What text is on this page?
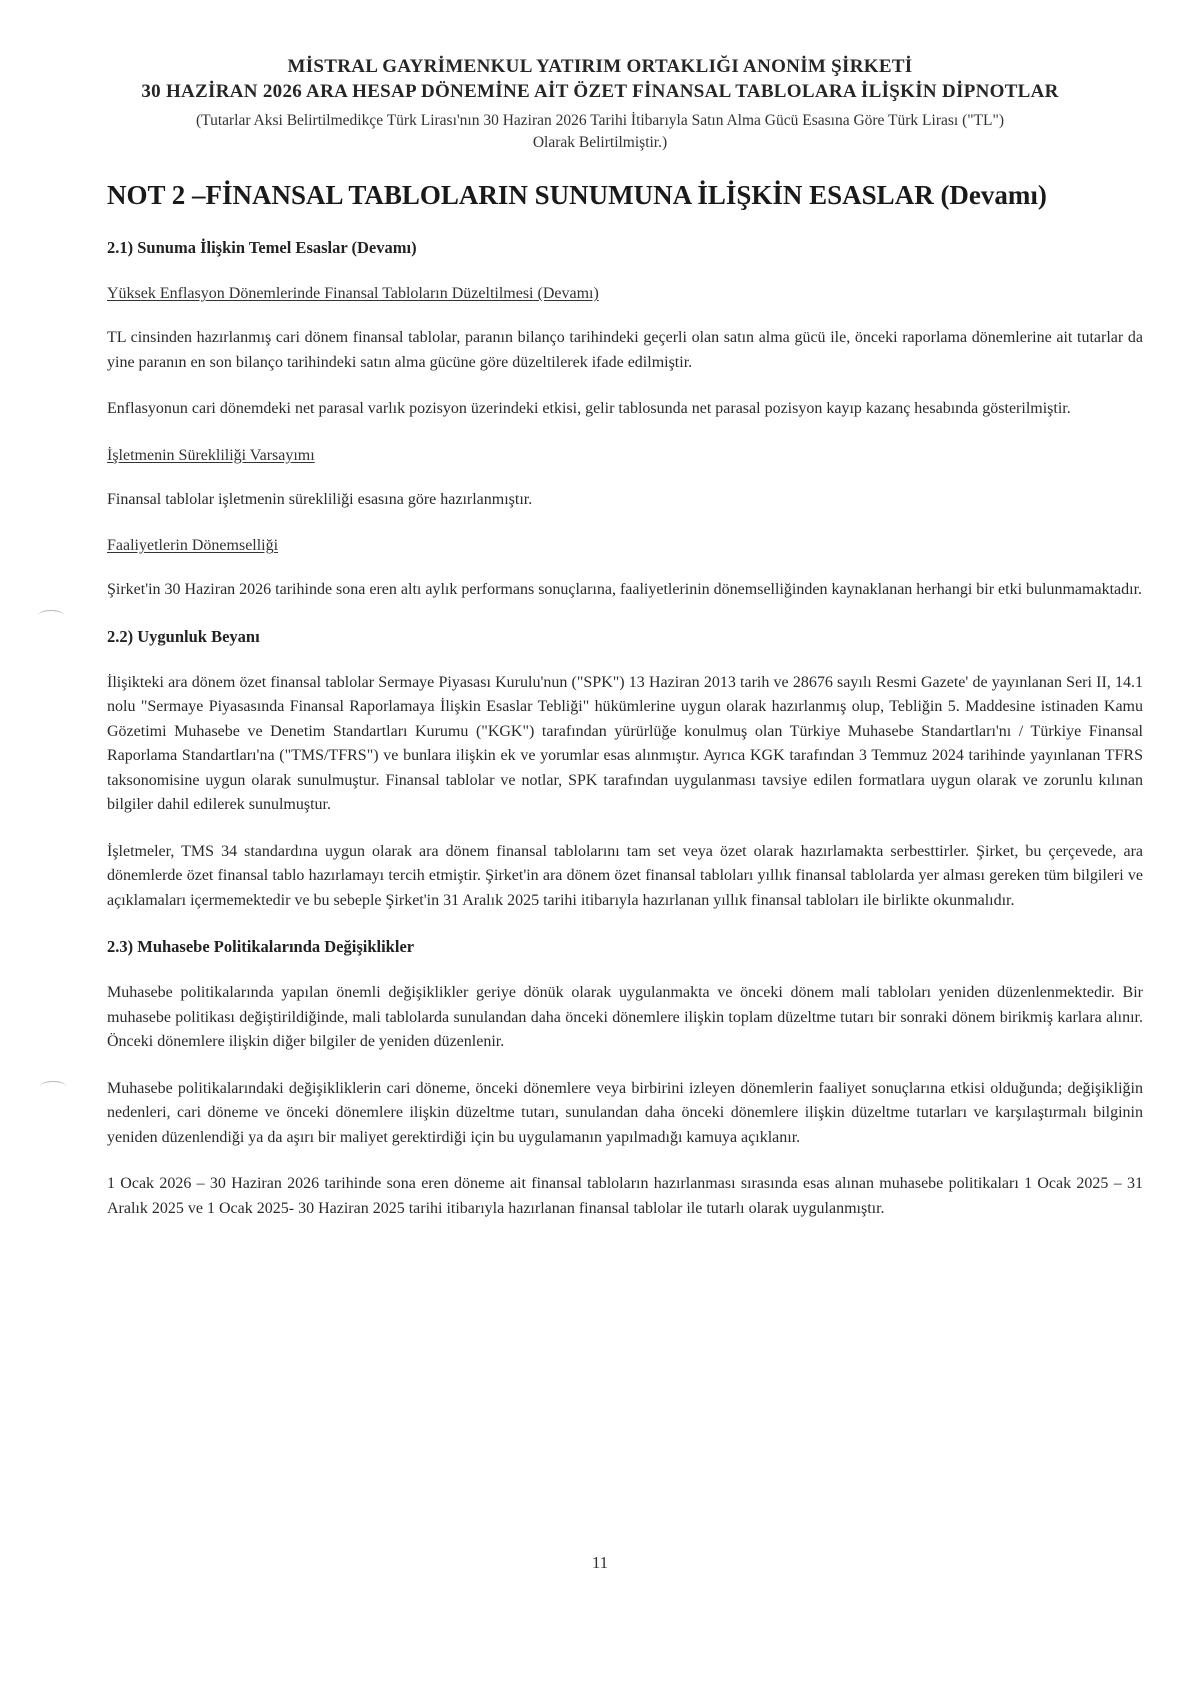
MİSTRAL GAYRİMENKUL YATIRIM ORTAKLIĞI ANONİM ŞİRKETİ
30 HAZİRAN 2026 ARA HESAP DÖNEMİNE AİT ÖZET FİNANSAL TABLOLARA İLİŞKİN DİPNOTLAR
(Tutarlar Aksi Belirtilmedikçe Türk Lirası'nın 30 Haziran 2026 Tarihi İtibarıyla Satın Alma Gücü Esasına Göre Türk Lirası ("TL")
Olarak Belirtilmiştir.)
NOT 2 –FİNANSAL TABLOLARIN SUNUMUNA İLİŞKİN ESASLAR (Devamı)
2.1) Sunuma İlişkin Temel Esaslar (Devamı)
Yüksek Enflasyon Dönemlerinde Finansal Tabloların Düzeltilmesi (Devamı)

TL cinsinden hazırlanmış cari dönem finansal tablolar, paranın bilanço tarihindeki geçerli olan satın alma gücü ile, önceki raporlama dönemlerine ait tutarlar da yine paranın en son bilanço tarihindeki satın alma gücüne göre düzeltilerek ifade edilmiştir.

Enflasyonun cari dönemdeki net parasal varlık pozisyon üzerindeki etkisi, gelir tablosunda net parasal pozisyon kayıp kazanç hesabında gösterilmiştir.

İşletmenin Sürekliliği Varsayımı

Finansal tablolar işletmenin sürekliliği esasına göre hazırlanmıştır.

Faaliyetlerin Dönemselliği

Şirket'in 30 Haziran 2026 tarihinde sona eren altı aylık performans sonuçlarına, faaliyetlerinin dönemselliğinden kaynaklanan herhangi bir etki bulunmamaktadır.

2.2) Uygunluk Beyanı

İlişikteki ara dönem özet finansal tablolar Sermaye Piyasası Kurulu'nun ("SPK") 13 Haziran 2013 tarih ve 28676 sayılı Resmi Gazete' de yayınlanan Seri II, 14.1 nolu "Sermaye Piyasasında Finansal Raporlamaya İlişkin Esaslar Tebliği" hükümlerine uygun olarak hazırlanmış olup, Tebliğin 5. Maddesine istinaden Kamu Gözetimi Muhasebe ve Denetim Standartları Kurumu ("KGK") tarafından yürürlüğe konulmuş olan Türkiye Muhasebe Standartları'nı / Türkiye Finansal Raporlama Standartları'na ("TMS/TFRS") ve bunlara ilişkin ek ve yorumlar esas alınmıştır. Ayrıca KGK tarafından 3 Temmuz 2024 tarihinde yayınlanan TFRS taksonomisine uygun olarak sunulmuştur. Finansal tablolar ve notlar, SPK tarafından uygulanması tavsiye edilen formatlara uygun olarak ve zorunlu kılınan bilgiler dahil edilerek sunulmuştur.

İşletmeler, TMS 34 standardına uygun olarak ara dönem finansal tablolarını tam set veya özet olarak hazırlamakta serbesttirler. Şirket, bu çerçevede, ara dönemlerde özet finansal tablo hazırlamayı tercih etmiştir. Şirket'in ara dönem özet finansal tabloları yıllık finansal tablolarda yer alması gereken tüm bilgileri ve açıklamaları içermemektedir ve bu sebeple Şirket'in 31 Aralık 2025 tarihi itibarıyla hazırlanan yıllık finansal tabloları ile birlikte okunmalıdır.

2.3) Muhasebe Politikalarında Değişiklikler

Muhasebe politikalarında yapılan önemli değişiklikler geriye dönük olarak uygulanmakta ve önceki dönem mali tabloları yeniden düzenlenmektedir. Bir muhasebe politikası değiştirildiğinde, mali tablolarda sunulandan daha önceki dönemlere ilişkin toplam düzeltme tutarı bir sonraki dönem birikmiş karlara alınır. Önceki dönemlere ilişkin diğer bilgiler de yeniden düzenlenir.

Muhasebe politikalarındaki değişikliklerin cari döneme, önceki dönemlere veya birbirini izleyen dönemlerin faaliyet sonuçlarına etkisi olduğunda; değişikliğin nedenleri, cari döneme ve önceki dönemlere ilişkin düzeltme tutarı, sunulandan daha önceki dönemlere ilişkin düzeltme tutarları ve karşılaştırmalı bilginin yeniden düzenlendiği ya da aşırı bir maliyet gerektirdiği için bu uygulamanın yapılmadığı kamuya açıklanır.

1 Ocak 2026 – 30 Haziran 2026 tarihinde sona eren döneme ait finansal tabloların hazırlanması sırasında esas alınan muhasebe politikaları 1 Ocak 2025 – 31 Aralık 2025 ve 1 Ocak 2025- 30 Haziran 2025 tarihi itibarıyla hazırlanan finansal tablolar ile tutarlı olarak uygulanmıştır.

11
